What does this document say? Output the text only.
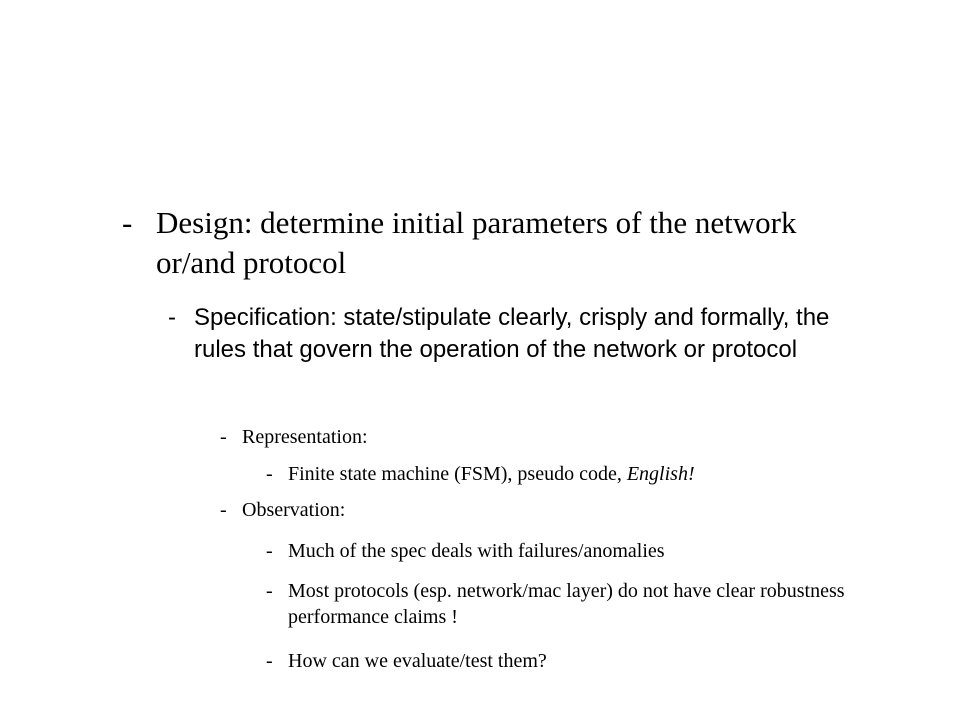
- Design: determine initial parameters of the network or/and protocol
- Specification: state/stipulate clearly, crisply and formally, the rules that govern the operation of the network or protocol
- Representation:
- Finite state machine (FSM), pseudo code, English!
- Observation:
- Much of the spec deals with failures/anomalies
- Most protocols (esp. network/mac layer) do not have clear robustness performance claims !
- How can we evaluate/test them?
